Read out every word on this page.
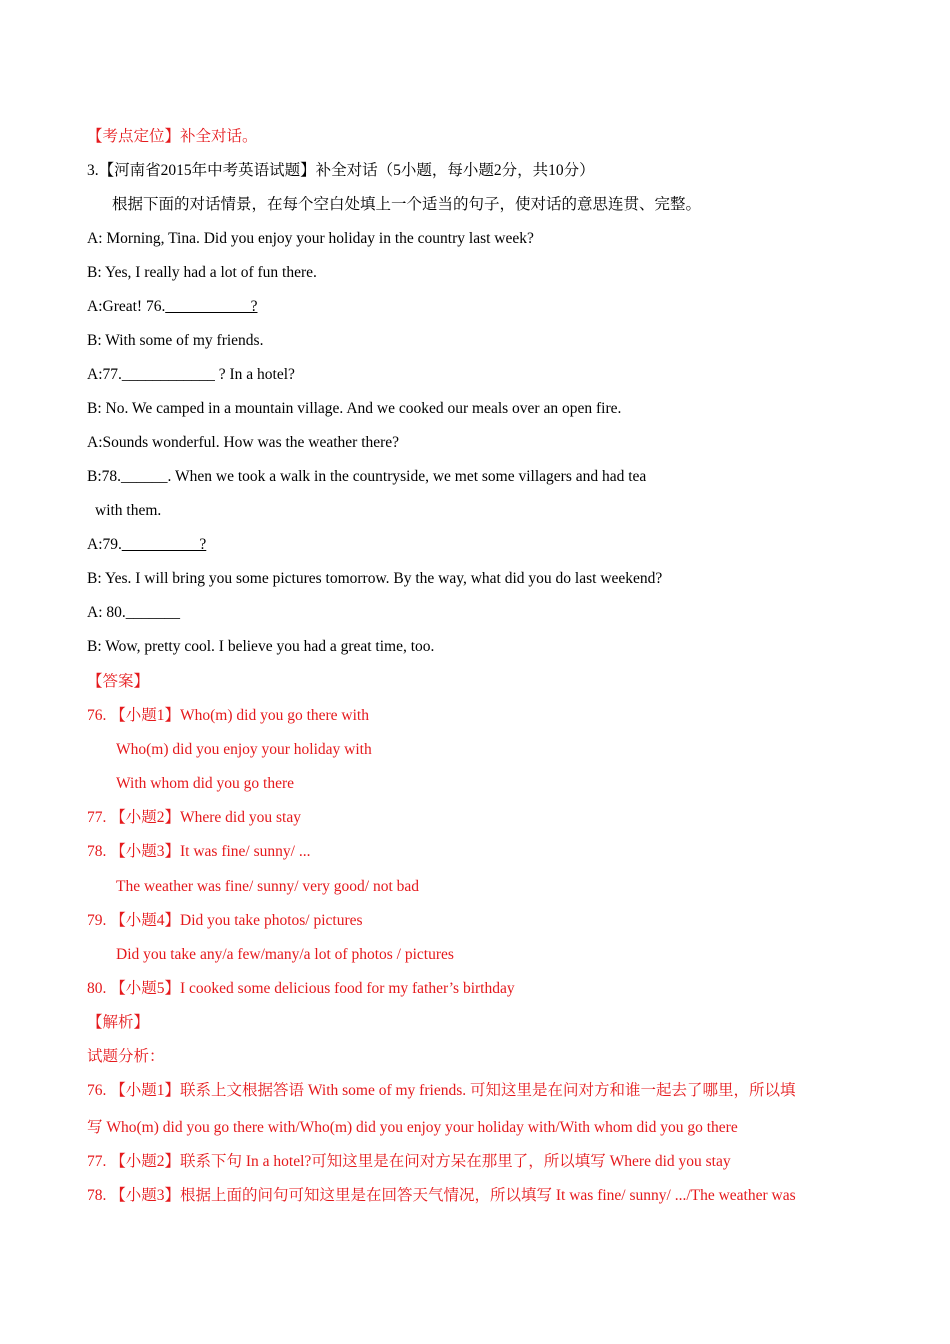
【考点定位】补全对话。
3.【河南省2015年中考英语试题】补全对话（5小题，每小题2分，共10分）
根据下面的对话情景，在每个空白处填上一个适当的句子，使对话的意思连贯、完整。
A: Morning, Tina. Did you enjoy your holiday in the country last week?
B: Yes, I really had a lot of fun there.
A:Great! 76.___________?
B: With some of my friends.
A:77.____________ ? In a hotel?
B: No. We camped in a mountain village. And we cooked our meals over an open fire.
A:Sounds wonderful. How was the weather there?
B:78.______. When we took a walk in the countryside, we met some villagers and had tea
with them.
A:79.__________?
B: Yes. I will bring you some pictures tomorrow. By the way, what did you do last weekend?
A: 80._______
B: Wow, pretty cool. I believe you had a great time, too.
【答案】
76. 【小题1】Who(m) did you go there with
Who(m) did you enjoy your holiday with
With whom did you go there
77. 【小题2】Where did you stay
78. 【小题3】It was fine/ sunny/ ...
The weather was fine/ sunny/ very good/ not bad
79. 【小题4】Did you take photos/ pictures
Did you take any/a few/many/a lot of photos / pictures
80. 【小题5】I cooked some delicious food for my father’s birthday
【解析】
试题分析：
76. 【小题1】联系上文根据答语 With some of my friends. 可知这里是在问对方和谁一起去了哪里，所以填
写 Who(m) did you go there with/Who(m) did you enjoy your holiday with/With whom did you go there
77. 【小题2】联系下句 In a hotel?可知这里是在问对方呆在那里了，所以填写 Where did you stay
78. 【小题3】根据上面的问句可知这里是在回答天气情况，所以填写 It was fine/ sunny/ .../The weather was
